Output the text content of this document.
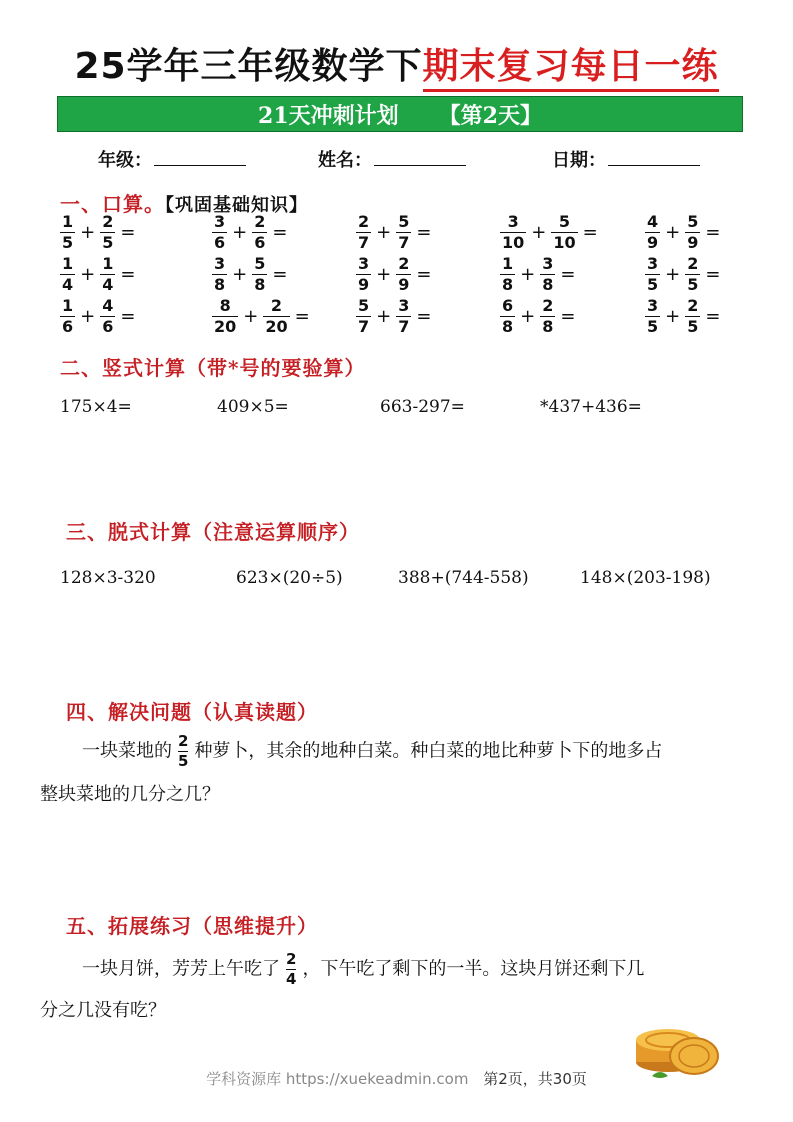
25学年三年级数学下期末复习每日一练
21天冲刺计划 【第2天】
年级：	姓名：	日期：
一、口算。【巩固基础知识】
$\frac{1}{5} + \frac{2}{5}$ =	$\frac{3}{6} + \frac{2}{6}$ =	$\frac{2}{7} + \frac{5}{7}$ =	$\frac{3}{10} + \frac{5}{10}$ =	$\frac{4}{9} + \frac{5}{9}$ =
$\frac{1}{4} + \frac{1}{4}$ =	$\frac{3}{8} + \frac{5}{8}$ =	$\frac{3}{9} + \frac{2}{9}$ =	$\frac{1}{8} + \frac{3}{8}$ =	$\frac{3}{5} + \frac{2}{5}$ =
$\frac{1}{6} + \frac{4}{6}$ =	$\frac{8}{20} + \frac{2}{20}$ =	$\frac{5}{7} + \frac{3}{7}$ =	$\frac{6}{8} + \frac{2}{8}$ =	$\frac{3}{5} + \frac{2}{5}$ =
二、竖式计算（带*号的要验算）
175×4=	409×5=	663-297=	*437+436=
三、脱式计算（注意运算顺序）
128×3-320	623×(20÷5)	388+(744-558)	148×(203-198)
四、解决问题（认真读题）
一块菜地的 $\frac{2}{5}$ 种萝卜，其余的地种白菜。种白菜的地比种萝卜下的地多占
整块菜地的几分之几？
五、拓展练习（思维提升）
一块月饼，芳芳上午吃了 $\frac{2}{4}$ ，下午吃了剩下的一半。这块月饼还剩下几
分之几没有吃？
学科资源库 https://xuekeadmin.com 第2页，共30页
